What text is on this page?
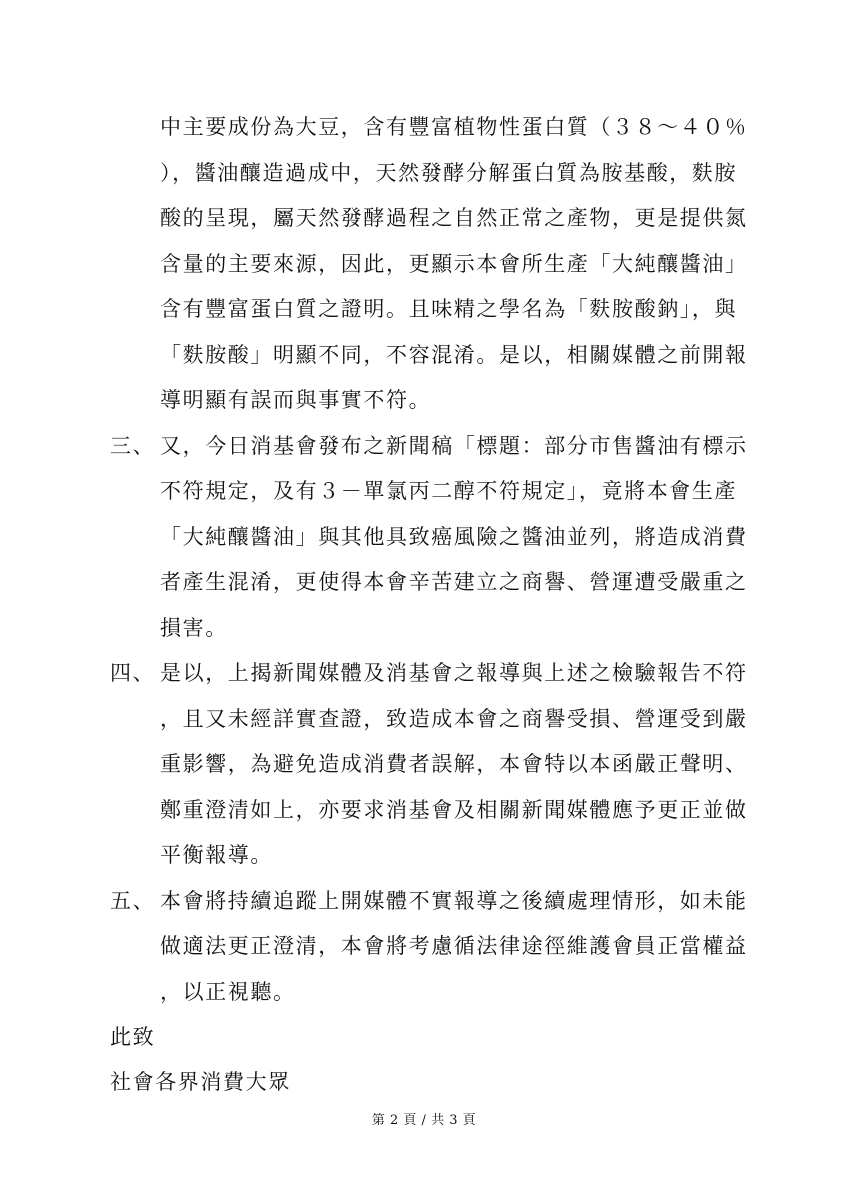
中主要成份為大豆，含有豐富植物性蛋白質（３８～４０％
），醬油釀造過成中，天然發酵分解蛋白質為胺基酸，麩胺
酸的呈現，屬天然發酵過程之自然正常之產物，更是提供氮
含量的主要來源，因此，更顯示本會所生產「大純釀醬油」
含有豐富蛋白質之證明。且味精之學名為「麩胺酸鈉」，與
「麩胺酸」明顯不同，不容混淆。是以，相關媒體之前開報
導明顯有誤而與事實不符。
三、 又，今日消基會發布之新聞稿「標題：部分市售醬油有標示
不符規定，及有３－單氯丙二醇不符規定」，竟將本會生產
「大純釀醬油」與其他具致癌風險之醬油並列，將造成消費
者產生混淆，更使得本會辛苦建立之商譽、營運遭受嚴重之
損害。
四、 是以，上揭新聞媒體及消基會之報導與上述之檢驗報告不符
，且又未經詳實查證，致造成本會之商譽受損、營運受到嚴
重影響，為避免造成消費者誤解，本會特以本函嚴正聲明、
鄭重澄清如上，亦要求消基會及相關新聞媒體應予更正並做
平衡報導。
五、 本會將持續追蹤上開媒體不實報導之後續處理情形，如未能
做適法更正澄清，本會將考慮循法律途徑維護會員正當權益
，以正視聽。
此致
社會各界消費大眾
第 2 頁 / 共 3 頁
